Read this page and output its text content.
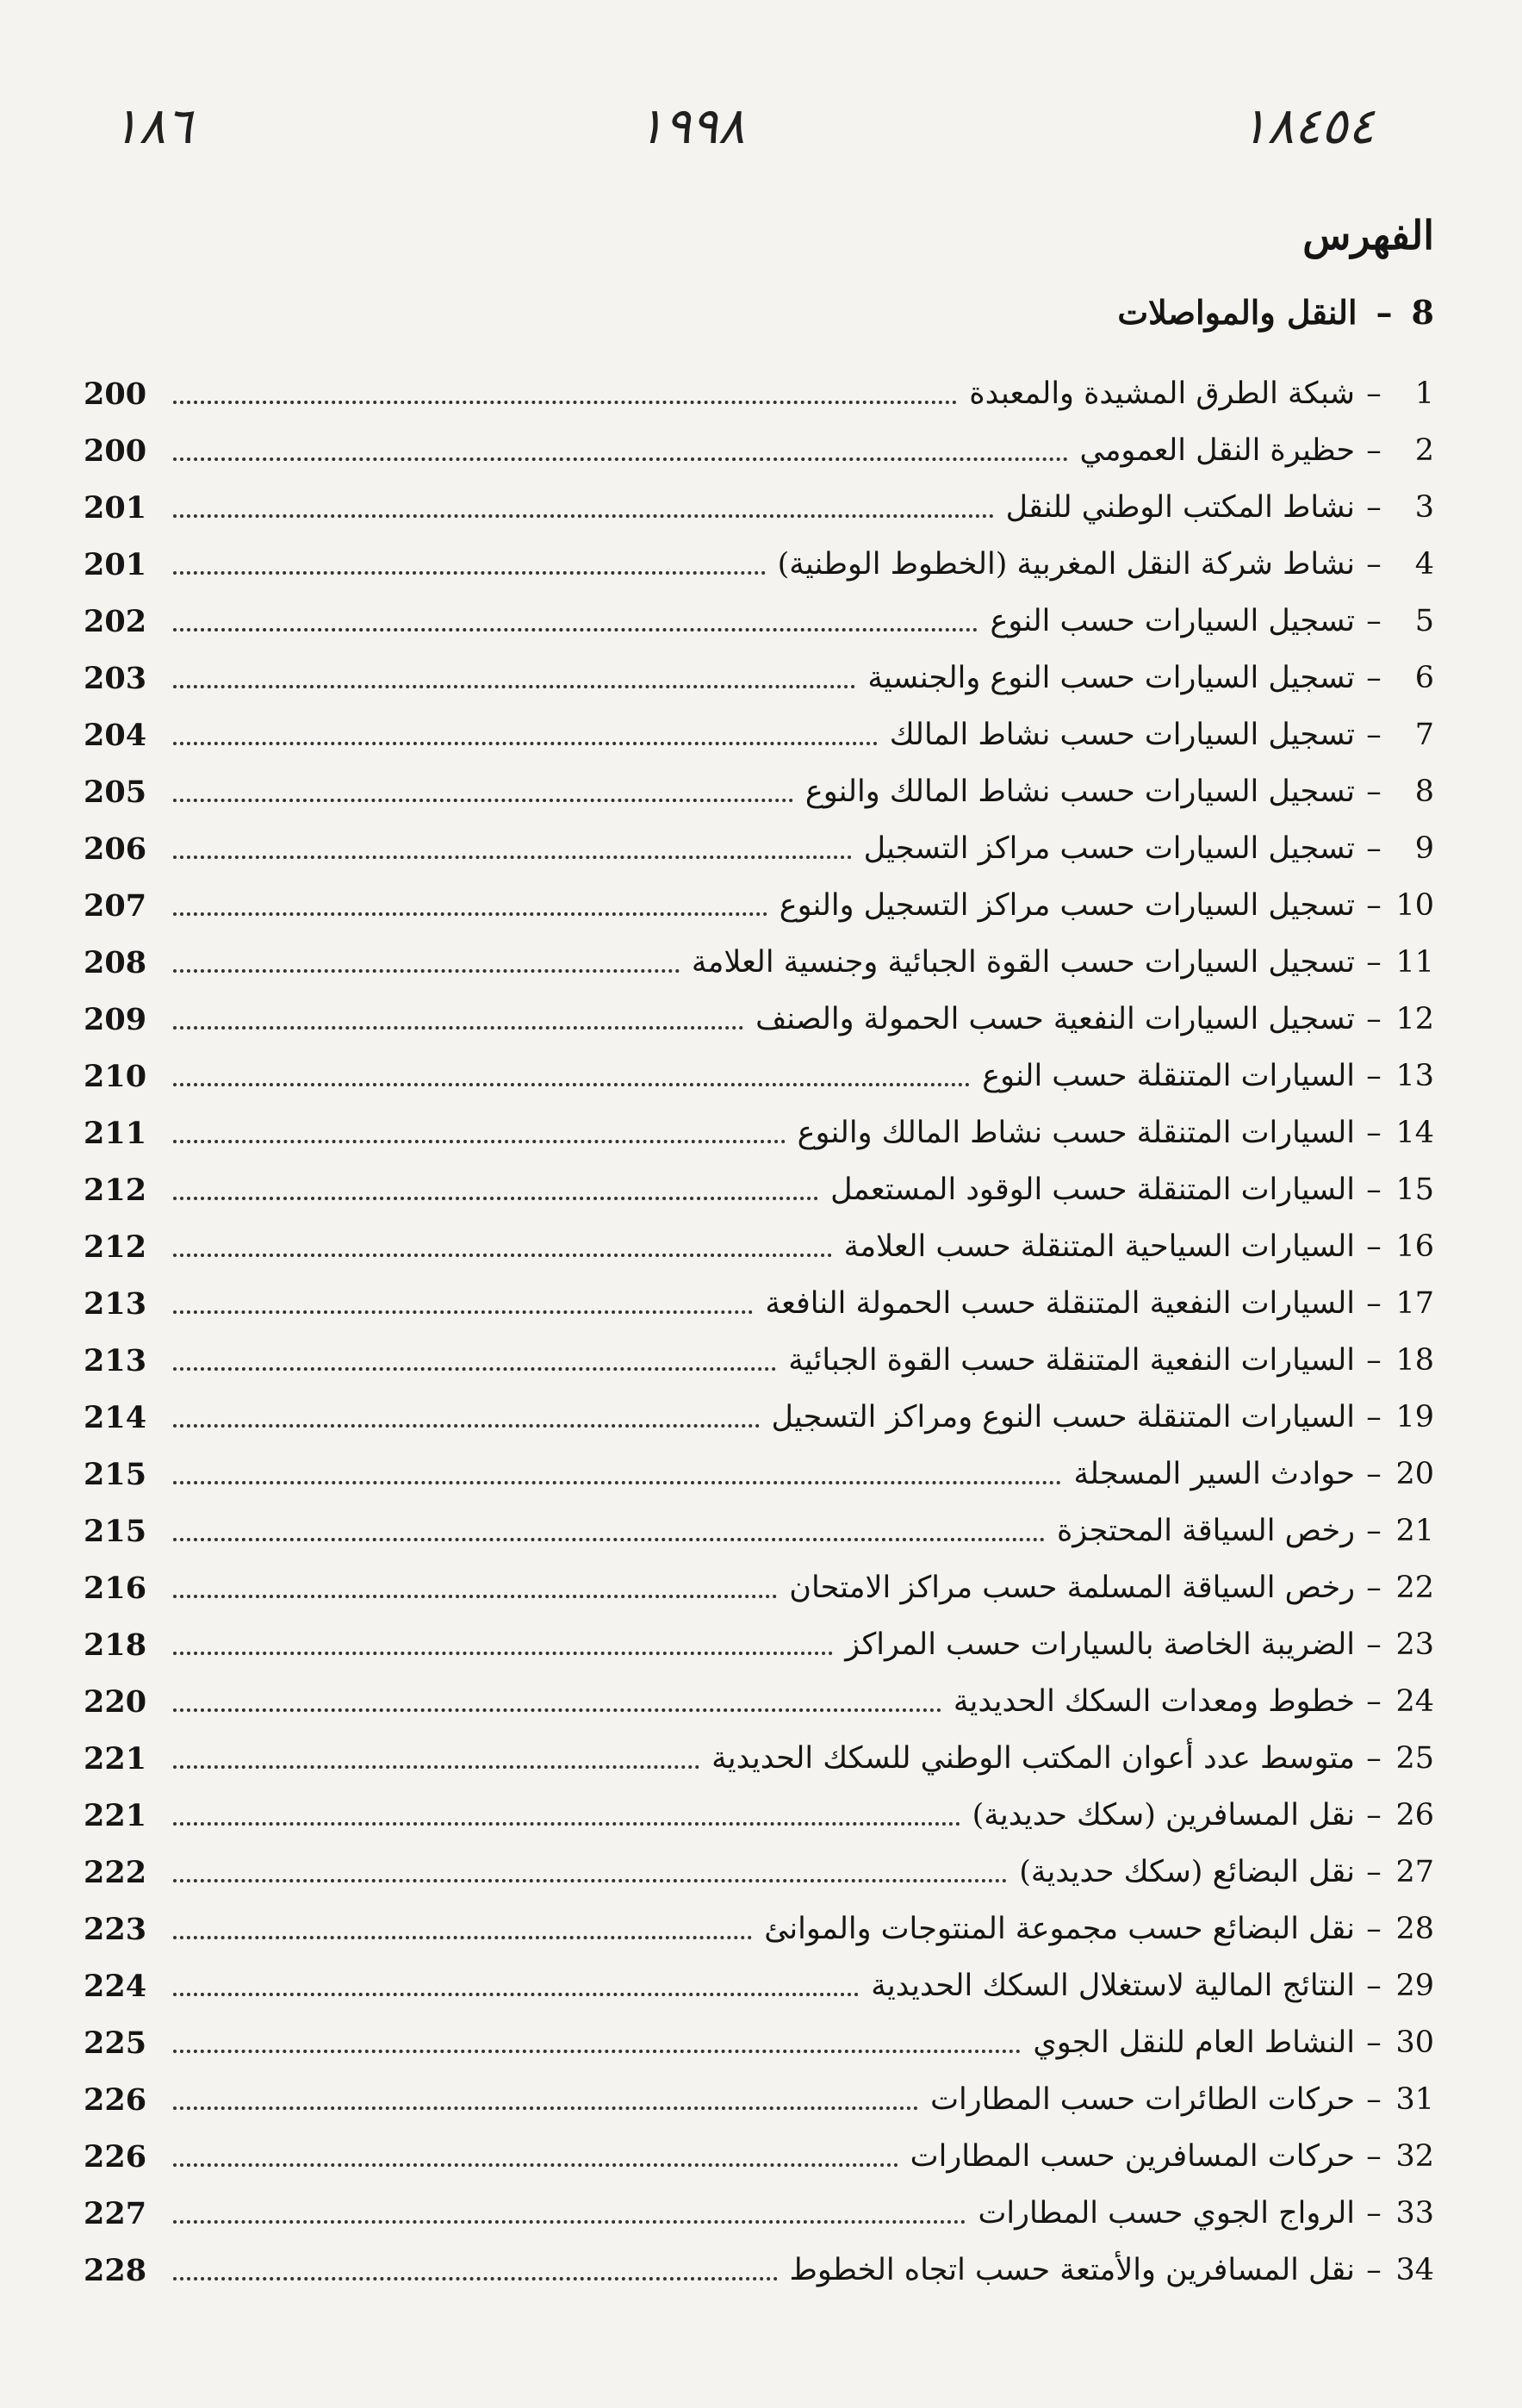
١٨٦	١٩٩٨	١٨٤٥٤
الفهرس
8
–
النقل والمواصلات
1
–
شبكة الطرق المشيدة والمعبدة
200
2
–
حظيرة النقل العمومي
200
3
–
نشاط المكتب الوطني للنقل
201
4
–
نشاط شركة النقل المغربية (الخطوط الوطنية)
201
5
–
تسجيل السيارات حسب النوع
202
6
–
تسجيل السيارات حسب النوع والجنسية
203
7
–
تسجيل السيارات حسب نشاط المالك
204
8
–
تسجيل السيارات حسب نشاط المالك والنوع
205
9
–
تسجيل السيارات حسب مراكز التسجيل
206
10
–
تسجيل السيارات حسب مراكز التسجيل والنوع
207
11
–
تسجيل السيارات حسب القوة الجبائية وجنسية العلامة
208
12
–
تسجيل السيارات النفعية حسب الحمولة والصنف
209
13
–
السيارات المتنقلة حسب النوع
210
14
–
السيارات المتنقلة حسب نشاط المالك والنوع
211
15
–
السيارات المتنقلة حسب الوقود المستعمل
212
16
–
السيارات السياحية المتنقلة حسب العلامة
212
17
–
السيارات النفعية المتنقلة حسب الحمولة النافعة
213
18
–
السيارات النفعية المتنقلة حسب القوة الجبائية
213
19
–
السيارات المتنقلة حسب النوع ومراكز التسجيل
214
20
–
حوادث السير المسجلة
215
21
–
رخص السياقة المحتجزة
215
22
–
رخص السياقة المسلمة حسب مراكز الامتحان
216
23
–
الضريبة الخاصة بالسيارات حسب المراكز
218
24
–
خطوط ومعدات السكك الحديدية
220
25
–
متوسط عدد أعوان المكتب الوطني للسكك الحديدية
221
26
–
نقل المسافرين (سكك حديدية)
221
27
–
نقل البضائع (سكك حديدية)
222
28
–
نقل البضائع حسب مجموعة المنتوجات والموانئ
223
29
–
النتائج المالية لاستغلال السكك الحديدية
224
30
–
النشاط العام للنقل الجوي
225
31
–
حركات الطائرات حسب المطارات
226
32
–
حركات المسافرين حسب المطارات
226
33
–
الرواج الجوي حسب المطارات
227
34
–
نقل المسافرين والأمتعة حسب اتجاه الخطوط
228
